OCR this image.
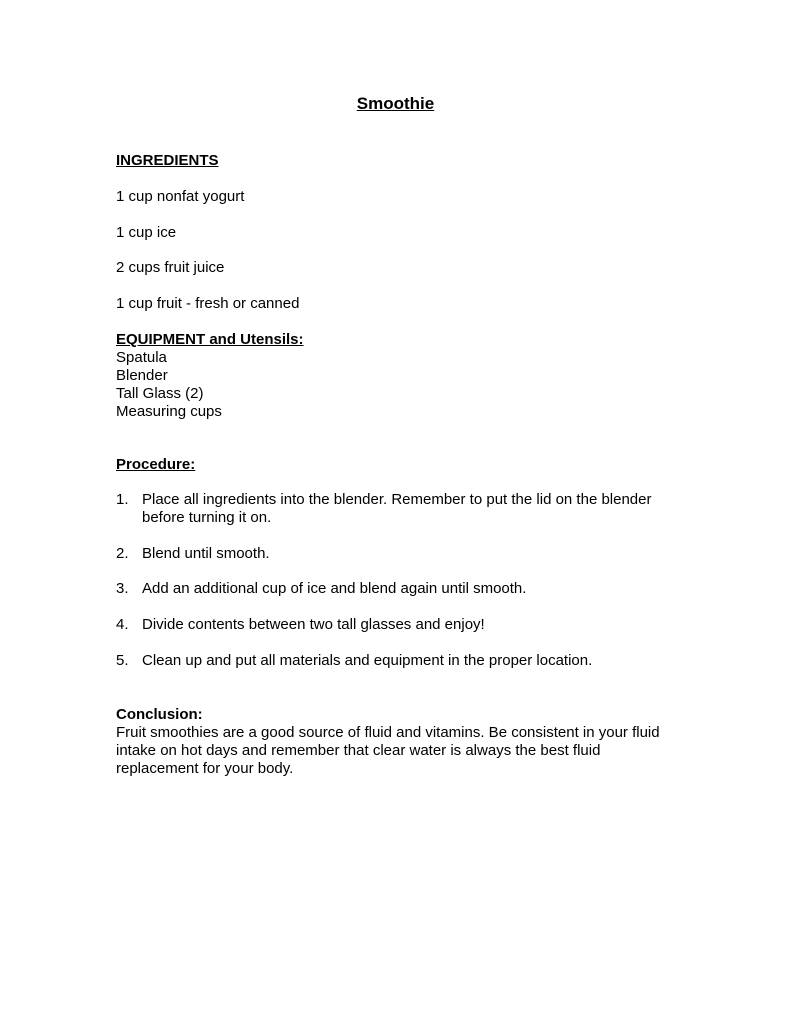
Smoothie
INGREDIENTS
1 cup nonfat yogurt
1 cup ice
2 cups fruit juice
1 cup fruit - fresh or canned
EQUIPMENT and Utensils:
Spatula
Blender
Tall Glass (2)
Measuring cups
Procedure:
1. Place all ingredients into the blender. Remember to put the lid on the blender before turning it on.
2. Blend until smooth.
3. Add an additional cup of ice and blend again until smooth.
4. Divide contents between two tall glasses and enjoy!
5. Clean up and put all materials and equipment in the proper location.
Conclusion:
Fruit smoothies are a good source of fluid and vitamins. Be consistent in your fluid intake on hot days and remember that clear water is always the best fluid replacement for your body.
